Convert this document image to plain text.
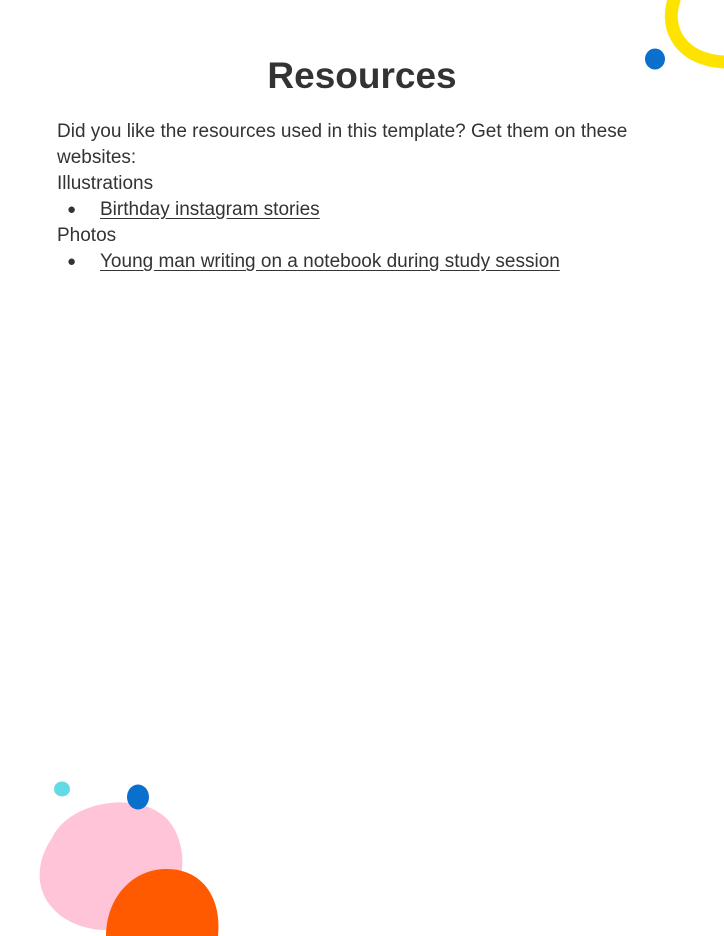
Resources

Did you like the resources used in this template? Get them on these websites:

Illustrations

● Birthday instagram stories

Photos

● Young man writing on a notebook during study session
